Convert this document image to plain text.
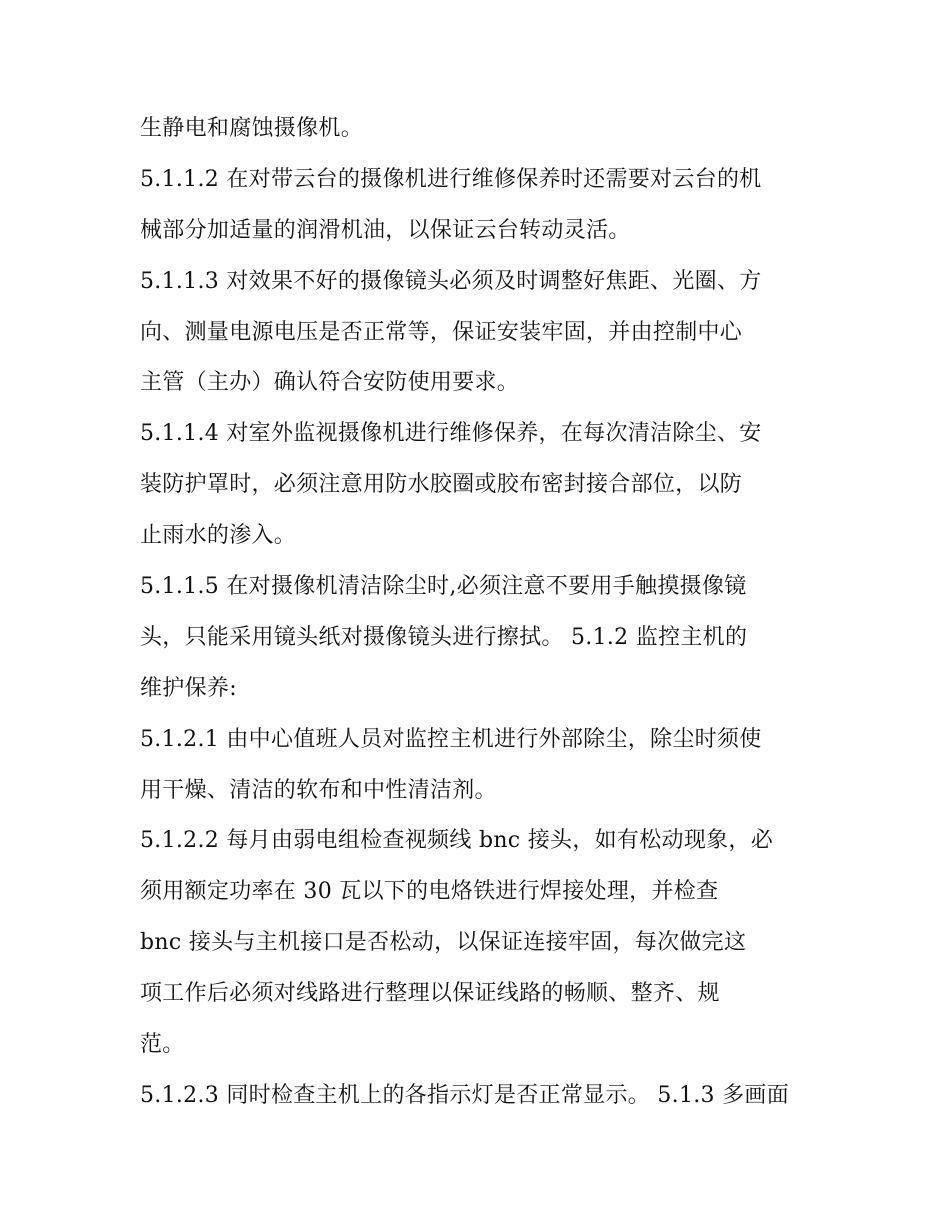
生静电和腐蚀摄像机。
5.1.1.2 在对带云台的摄像机进行维修保养时还需要对云台的机
械部分加适量的润滑机油，以保证云台转动灵活。
5.1.1.3 对效果不好的摄像镜头必须及时调整好焦距、光圈、方
向、测量电源电压是否正常等，保证安装牢固，并由控制中心
主管（主办）确认符合安防使用要求。
5.1.1.4 对室外监视摄像机进行维修保养，在每次清洁除尘、安
装防护罩时，必须注意用防水胶圈或胶布密封接合部位，以防
止雨水的渗入。
5.1.1.5 在对摄像机清洁除尘时,必须注意不要用手触摸摄像镜
头，只能采用镜头纸对摄像镜头进行擦拭。 5.1.2 监控主机的
维护保养:
5.1.2.1 由中心值班人员对监控主机进行外部除尘，除尘时须使
用干燥、清洁的软布和中性清洁剂。
5.1.2.2 每月由弱电组检查视频线 bnc 接头，如有松动现象，必
须用额定功率在 30 瓦以下的电烙铁进行焊接处理，并检查
bnc 接头与主机接口是否松动，以保证连接牢固，每次做完这
项工作后必须对线路进行整理以保证线路的畅顺、整齐、规
范。
5.1.2.3 同时检查主机上的各指示灯是否正常显示。 5.1.3 多画面
